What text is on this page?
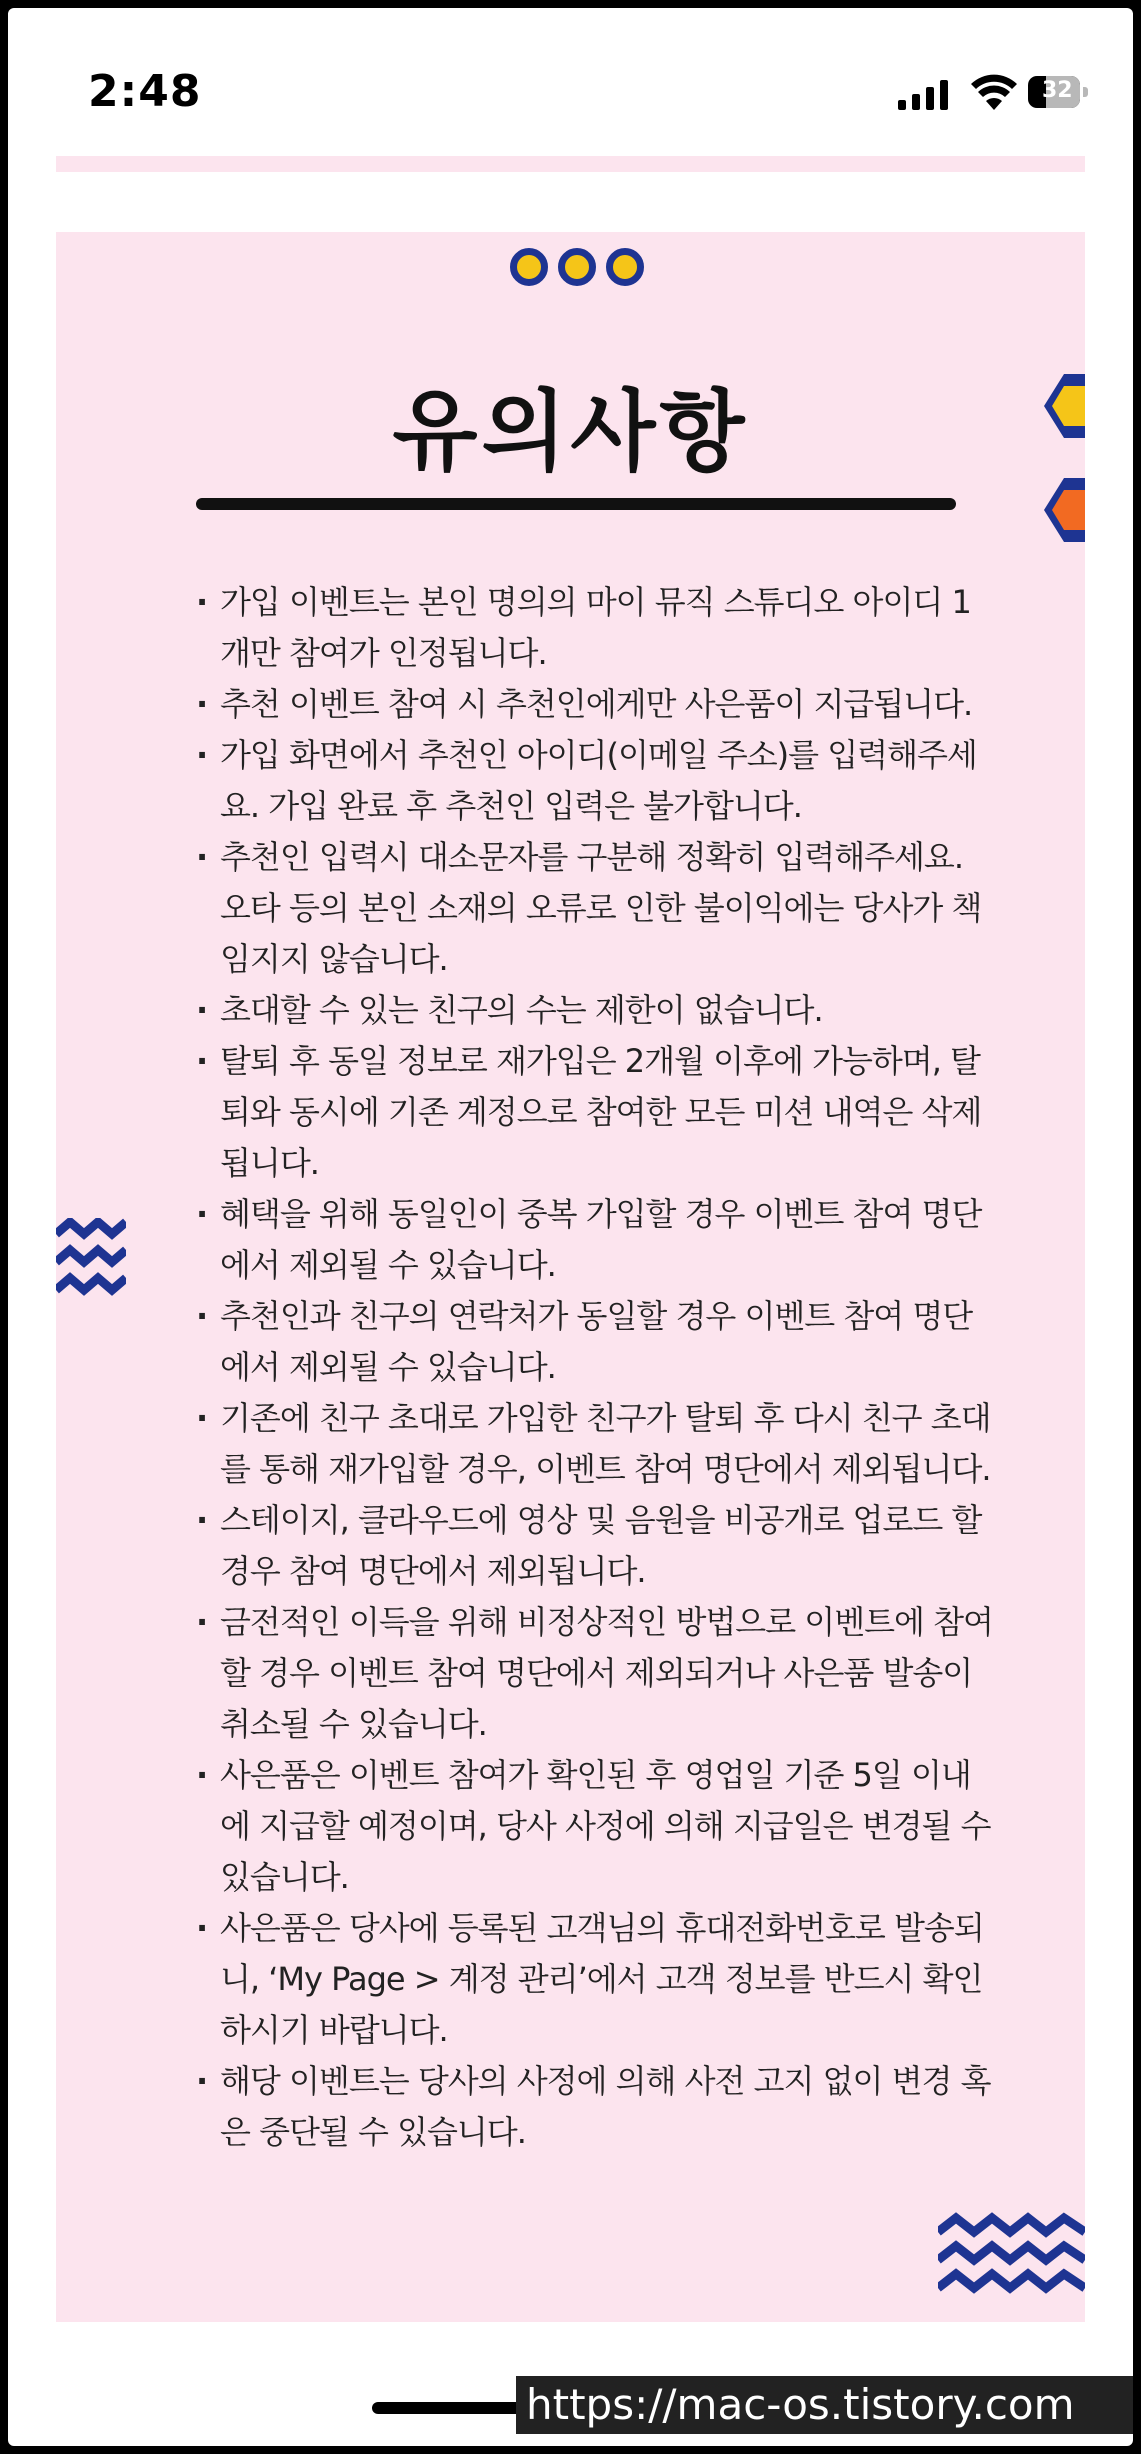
2:48	32
유의사항
· 가입 이벤트는 본인 명의의 마이 뮤직 스튜디오 아이디 1개만 참여가 인정됩니다.
· 추천 이벤트 참여 시 추천인에게만 사은품이 지급됩니다.
· 가입 화면에서 추천인 아이디(이메일 주소)를 입력해주세요. 가입 완료 후 추천인 입력은 불가합니다.
· 추천인 입력시 대소문자를 구분해 정확히 입력해주세요. 오타 등의 본인 소재의 오류로 인한 불이익에는 당사가 책임지지 않습니다.
· 초대할 수 있는 친구의 수는 제한이 없습니다.
· 탈퇴 후 동일 정보로 재가입은 2개월 이후에 가능하며, 탈퇴와 동시에 기존 계정으로 참여한 모든 미션 내역은 삭제됩니다.
· 혜택을 위해 동일인이 중복 가입할 경우 이벤트 참여 명단에서 제외될 수 있습니다.
· 추천인과 친구의 연락처가 동일할 경우 이벤트 참여 명단에서 제외될 수 있습니다.
· 기존에 친구 초대로 가입한 친구가 탈퇴 후 다시 친구 초대를 통해 재가입할 경우, 이벤트 참여 명단에서 제외됩니다.
· 스테이지, 클라우드에 영상 및 음원을 비공개로 업로드 할 경우 참여 명단에서 제외됩니다.
· 금전적인 이득을 위해 비정상적인 방법으로 이벤트에 참여할 경우 이벤트 참여 명단에서 제외되거나 사은품 발송이 취소될 수 있습니다.
· 사은품은 이벤트 참여가 확인된 후 영업일 기준 5일 이내에 지급할 예정이며, 당사 사정에 의해 지급일은 변경될 수 있습니다.
· 사은품은 당사에 등록된 고객님의 휴대전화번호로 발송되니, ‘My Page > 계정 관리’에서 고객 정보를 반드시 확인하시기 바랍니다.
· 해당 이벤트는 당사의 사정에 의해 사전 고지 없이 변경 혹은 중단될 수 있습니다.
https://mac-os.tistory.com
